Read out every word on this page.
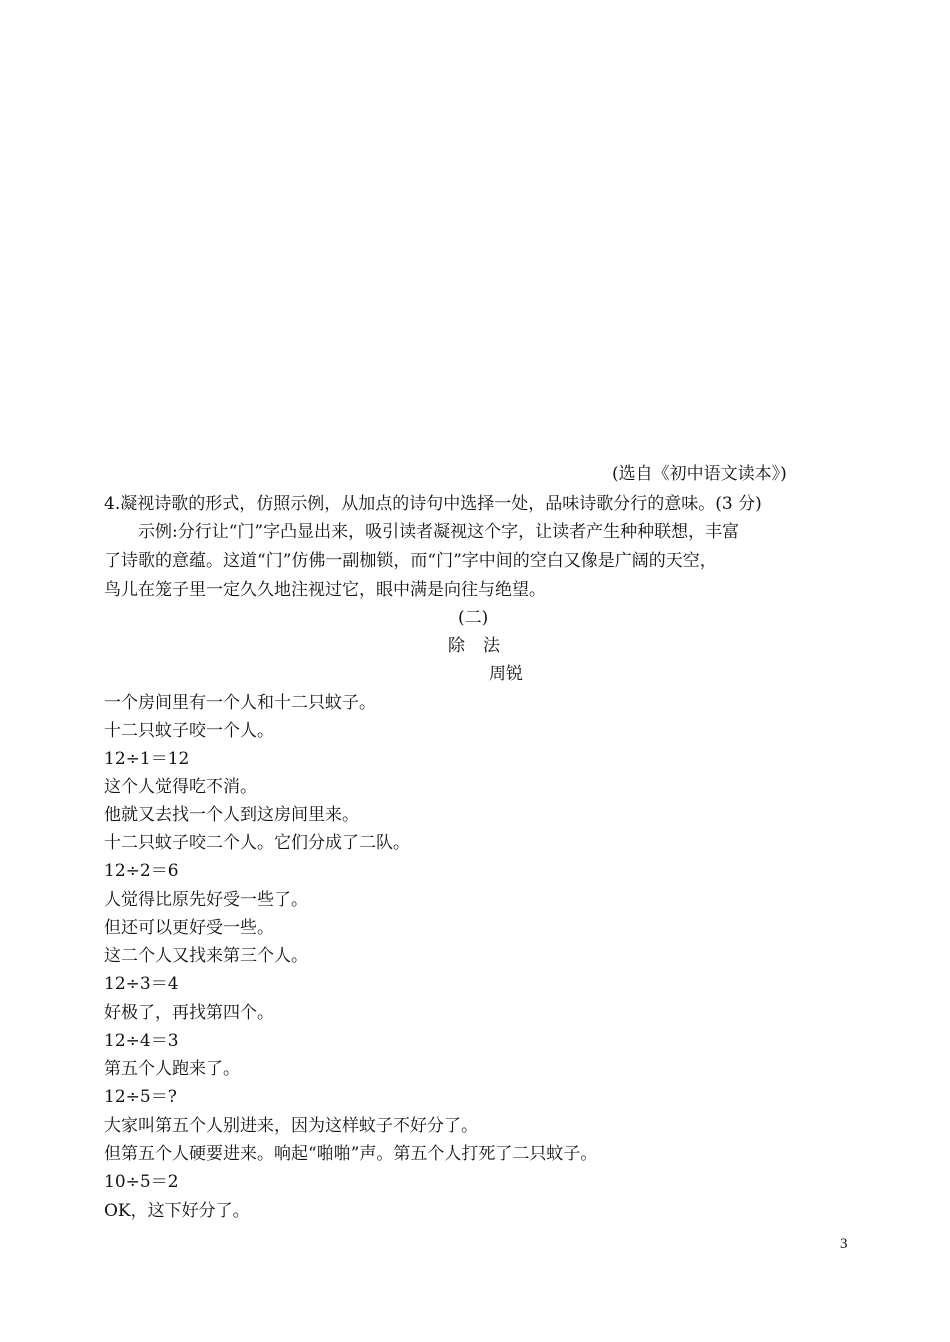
(选自《初中语文读本》)
4.凝视诗歌的形式，仿照示例，从加点的诗句中选择一处，品味诗歌分行的意味。(3 分)
示例:分行让“门”字凸显出来，吸引读者凝视这个字，让读者产生种种联想，丰富
了诗歌的意蕴。这道“门”仿佛一副枷锁，而“门”字中间的空白又像是广阔的天空，
鸟儿在笼子里一定久久地注视过它，眼中满是向往与绝望。
(二)
除 法
周锐
一个房间里有一个人和十二只蚊子。
十二只蚊子咬一个人。
12÷1＝12
这个人觉得吃不消。
他就又去找一个人到这房间里来。
十二只蚊子咬二个人。它们分成了二队。
12÷2＝6
人觉得比原先好受一些了。
但还可以更好受一些。
这二个人又找来第三个人。
12÷3＝4
好极了，再找第四个。
12÷4＝3
第五个人跑来了。
12÷5＝?
大家叫第五个人别进来，因为这样蚊子不好分了。
但第五个人硬要进来。响起“啪啪”声。第五个人打死了二只蚊子。
10÷5＝2
OK，这下好分了。
3
